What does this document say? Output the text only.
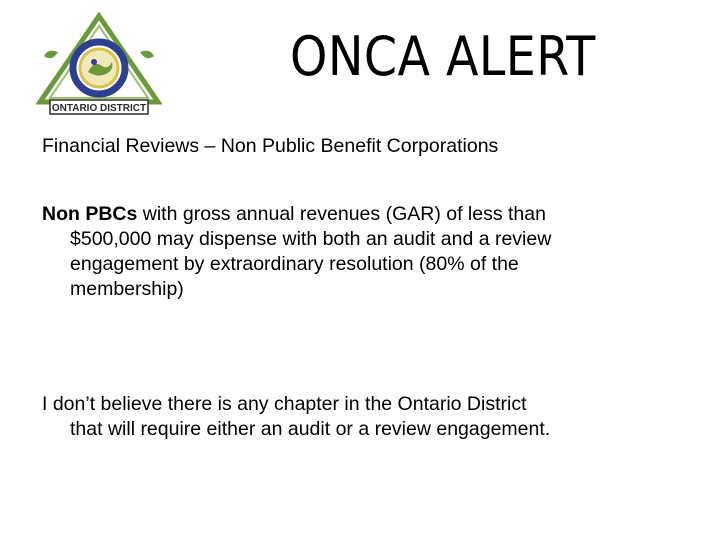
ONTARIO DISTRICT
ONCA ALERT
Financial Reviews – Non Public Benefit Corporations
Non PBCs with gross annual revenues (GAR) of less than
$500,000 may dispense with both an audit and a review
engagement by extraordinary resolution (80% of the
membership)
I don’t believe there is any chapter in the Ontario District
that will require either an audit or a review engagement.
